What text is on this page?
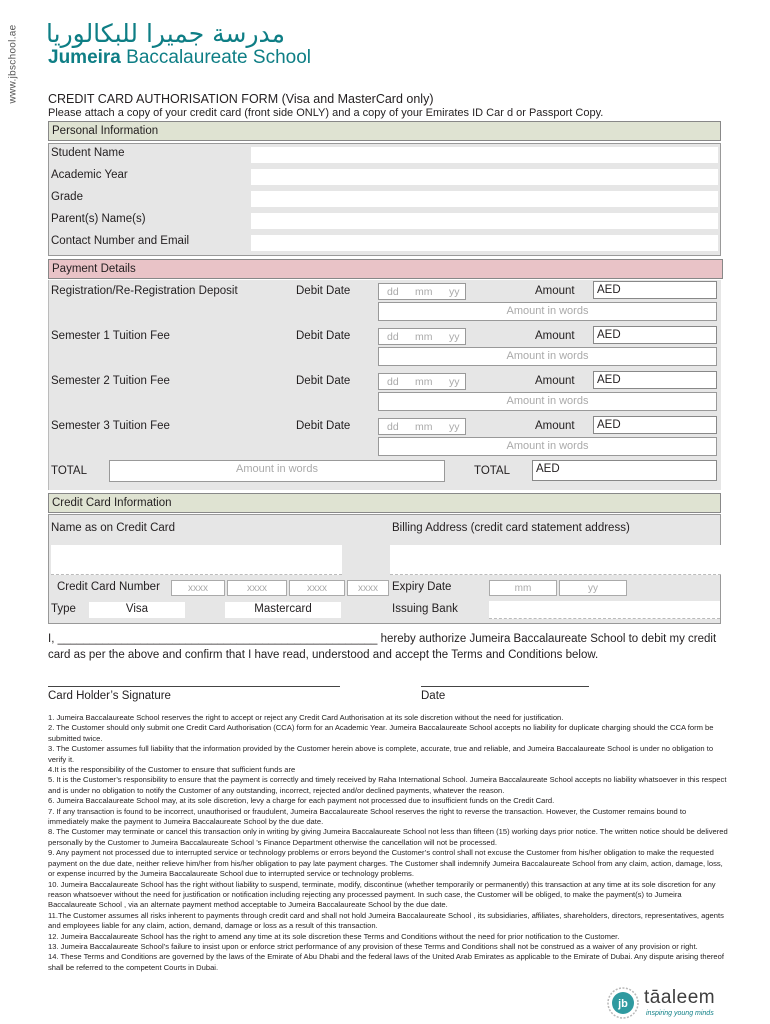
www.jbschool.ae مدرسة جميرا للبكالوريا
Jumeira Baccalaureate School
CREDIT CARD AUTHORISATION FORM (Visa and MasterCard only)
Please attach a copy of your credit card (front side ONLY) and a copy of your Emirates ID Car d or Passport Copy.
Personal Information
Student Name
Academic Year
Grade
Parent(s) Name(s)
Contact Number and Email
Payment Details
Registration/Re-Registration Deposit	Debit Date	dd mm yy	Amount	AED
Amount in words
Semester 1 Tuition Fee	Debit Date	dd mm yy	Amount	AED
Amount in words
Semester 2 Tuition Fee	Debit Date	dd mm yy	Amount	AED
Amount in words
Semester 3 Tuition Fee	Debit Date	dd mm yy	Amount	AED
Amount in words
TOTAL	Amount in words	TOTAL	AED
Credit Card Information
Name as on Credit Card	Billing Address (credit card statement address)
Credit Card Number	xxxx	xxxx	xxxx	xxxx	Expiry Date	mm	yy
Type	Visa	Mastercard	Issuing Bank
I, __________________________________________________ hereby authorize Jumeira Baccalaureate School to debit my credit
card as per the above and confirm that I have read, understood and accept the Terms and Conditions below.
Card Holder’s Signature	Date

1. Jumeira Baccalaureate School reserves the right to accept or reject any Credit Card Authorisation at its sole discretion without the need for justification.

2. The Customer should only submit one Credit Card Authorisation (CCA) form for an Academic Year. Jumeira Baccalaureate School accepts no liability for duplicate charging should the CCA form be submitted twice.

3. The Customer assumes full liability that the information provided by the Customer herein above is complete, accurate, true and reliable, and Jumeira Baccalaureate School is under no obligation to verify it.

4.It is the responsibility of the Customer to ensure that sufficient funds are

5. It is the Customer’s responsibility to ensure that the payment is correctly and timely received by Raha International School. Jumeira Baccalaureate School accepts no liability whatsoever in this respect and is under no obligation to notify the Customer of any outstanding, incorrect, rejected and/or declined payments, whatever the reason.

6. Jumeira Baccalaureate School may, at its sole discretion, levy a charge for each payment not processed due to insufficient funds on the Credit Card.

7. If any transaction is found to be incorrect, unauthorised or fraudulent, Jumeira Baccalaureate School reserves the right to reverse the transaction. However, the Customer remains bound to immediately make the payment to Jumeira Baccalaureate School by the due date.

8. The Customer may terminate or cancel this transaction only in writing by giving Jumeira Baccalaureate School not less than fifteen (15) working days prior notice. The written notice should be delivered personally by the Customer to Jumeira Baccalaureate School ’s Finance Department otherwise the cancellation will not be processed.

9. Any payment not processed due to interrupted service or technology problems or errors beyond the Customer’s control shall not excuse the Customer from his/her obligation to make the requested payment on the due date, neither relieve him/her from his/her obligation to pay late payment charges. The Customer shall indemnify Jumeira Baccalaureate School from any claim, action, damage, loss, or expense incurred by the Jumeira Baccalaureate School due to interrupted service or technology problems.

10. Jumeira Baccalaureate School has the right without liability to suspend, terminate, modify, discontinue (whether temporarily or permanently) this transaction at any time at its sole discretion for any reason whatsoever without the need for justification or notification including rejecting any processed payment. In such case, the Customer will be obliged, to make the payment(s) to Jumeira Baccalaureate School , via an alternate payment method acceptable to Jumeira Baccalaureate School by the due date.

11.The Customer assumes all risks inherent to payments through credit card and shall not hold Jumeira Baccalaureate School , its subsidiaries, affiliates, shareholders, directors, representatives, agents and employees liable for any claim, action, demand, damage or loss as a result of this transaction.

12. Jumeira Baccalaureate School has the right to amend any time at its sole discretion these Terms and Conditions without the need for prior notification to the Customer.

13. Jumeira Baccalaureate School’s failure to insist upon or enforce strict performance of any provision of these Terms and Conditions shall not be construed as a waiver of any provision or right.

14. These Terms and Conditions are governed by the laws of the Emirate of Abu Dhabi and the federal laws of the United Arab Emirates as applicable to the Emirate of Dubai. Any dispute arising thereof shall be referred to the competent Courts in Dubai.

jb tāaleem
inspiring young minds
